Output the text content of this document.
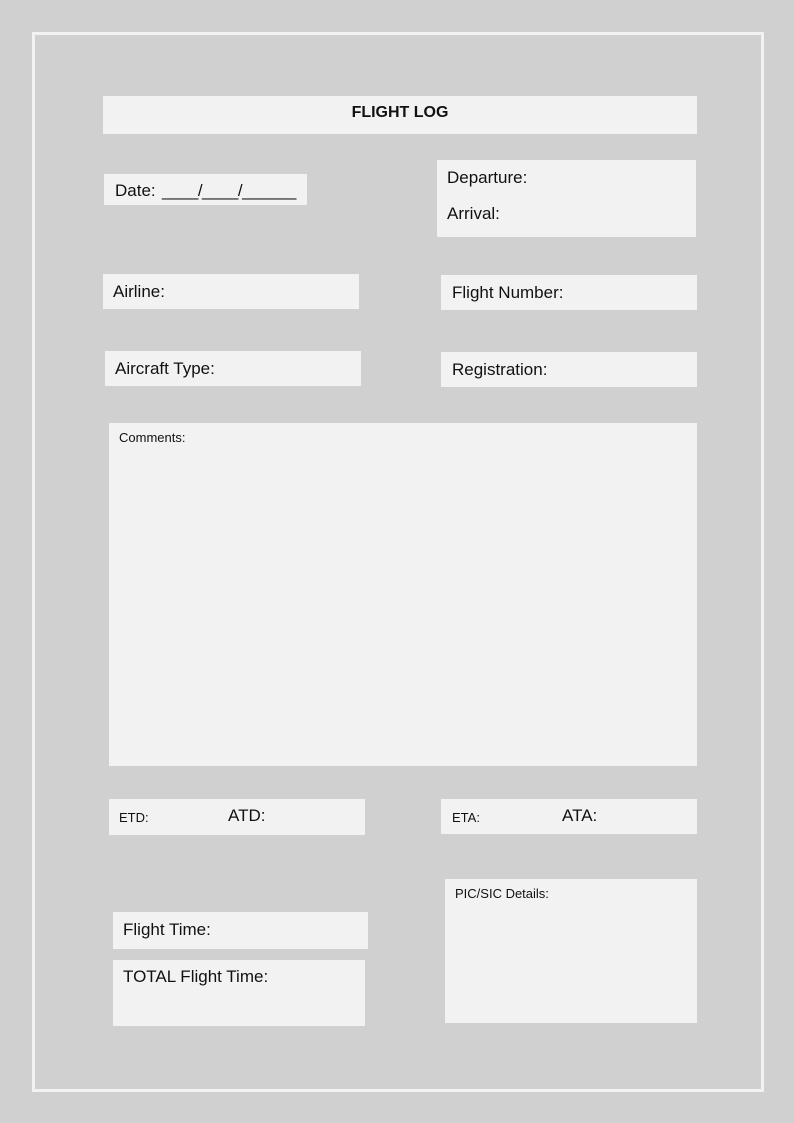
FLIGHT LOG
Date: ____/____/______
Departure:
Arrival:
Airline:	Flight Number:
Aircraft Type:	Registration:
Comments:
ETD:	ATD:	ETA:	ATA:
Flight Time:
TOTAL Flight Time:
PIC/SIC Details:
